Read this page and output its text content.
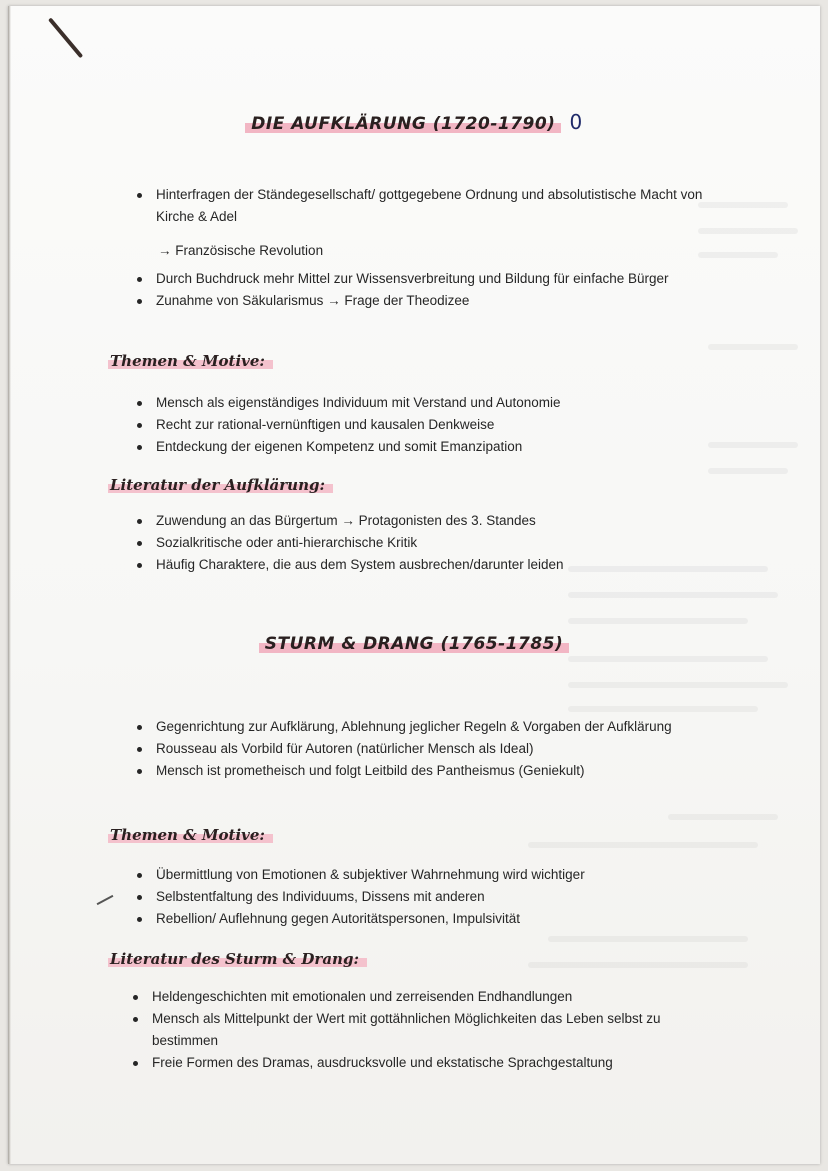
DIE AUFKLÄRUNG (1720-1790) 0
Hinterfragen der Ständegesellschaft/ gottgegebene Ordnung und absolutistische Macht von Kirche & Adel
→ Französische Revolution
Durch Buchdruck mehr Mittel zur Wissensverbreitung und Bildung für einfache Bürger
Zunahme von Säkularismus → Frage der Theodizee
Themen & Motive:
Mensch als eigenständiges Individuum mit Verstand und Autonomie
Recht zur rational-vernünftigen und kausalen Denkweise
Entdeckung der eigenen Kompetenz und somit Emanzipation
Literatur der Aufklärung:
Zuwendung an das Bürgertum → Protagonisten des 3. Standes
Sozialkritische oder anti-hierarchische Kritik
Häufig Charaktere, die aus dem System ausbrechen/darunter leiden
STURM & DRANG (1765-1785)
Gegenrichtung zur Aufklärung, Ablehnung jeglicher Regeln & Vorgaben der Aufklärung
Rousseau als Vorbild für Autoren (natürlicher Mensch als Ideal)
Mensch ist prometheisch und folgt Leitbild des Pantheismus (Geniekult)
Themen & Motive:
Übermittlung von Emotionen & subjektiver Wahrnehmung wird wichtiger
Selbstentfaltung des Individuums, Dissens mit anderen
Rebellion/ Auflehnung gegen Autoritätspersonen, Impulsivität
Literatur des Sturm & Drang:
Heldengeschichten mit emotionalen und zerreisenden Endhandlungen
Mensch als Mittelpunkt der Wert mit gottähnlichen Möglichkeiten das Leben selbst zu bestimmen
Freie Formen des Dramas, ausdrucksvolle und ekstatische Sprachgestaltung
